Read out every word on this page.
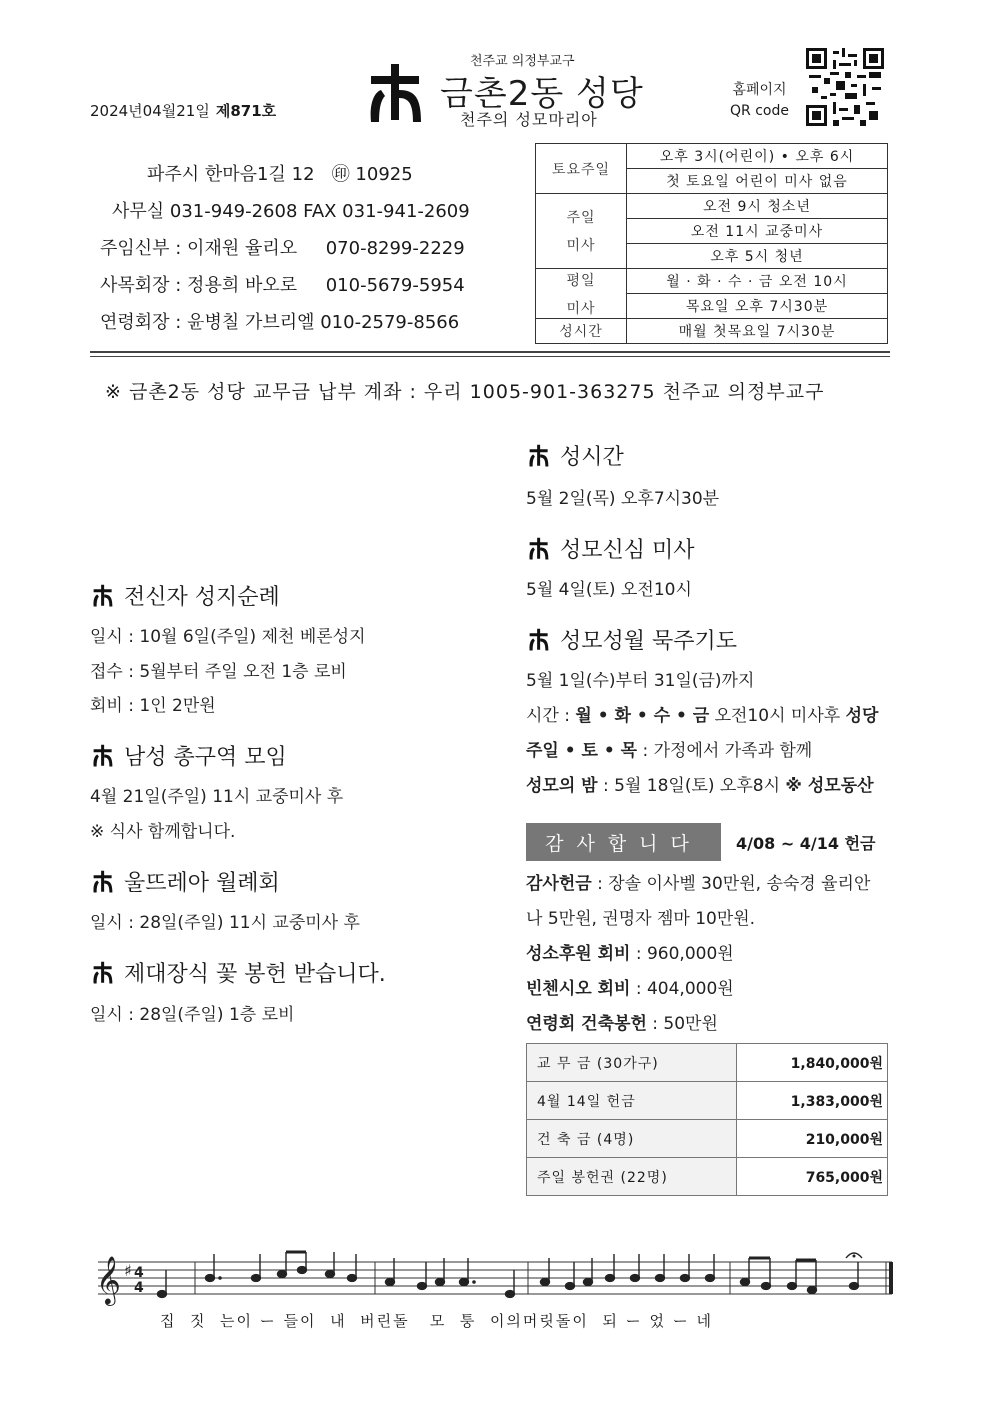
천주교 의정부교구
금촌2동 성당
천주의 성모마리아
2024년04월21일 제871호
홈페이지
QR code
파주시 한마음1길 12 ㊞ 10925
사무실 031-949-2608 FAX 031-941-2609
주임신부 : 이재원 율리오     070-8299-2229
사목회장 : 정용희 바오로     010-5679-5954
연령회장 : 윤병칠 가브리엘 010-2579-8566
토요주일	오후 3시(어린이) • 오후 6시
	첫 토요일 어린이 미사 없음

주일
미사	오전 9시 청소년
	오전 11시 교중미사
	오후 5시 청년

평일
미사	월 · 화 · 수 · 금 오전 10시
	목요일 오후 7시30분
성시간	매월 첫목요일 7시30분
※ 금촌2동 성당 교무금 납부 계좌 : 우리 1005-901-363275 천주교 의정부교구
성시간
5월 2일(목) 오후7시30분
성모신심 미사
5월 4일(토) 오전10시
성모성월 묵주기도
5월 1일(수)부터 31일(금)까지
시간 : 월 • 화 • 수 • 금 오전10시 미사후 성당
주일 • 토 • 목 : 가정에서 가족과 함께
성모의 밤 : 5월 18일(토) 오후8시 ※ 성모동산
감사합니다	4/08 ~ 4/14 헌금
감사헌금 : 장솔 이사벨 30만원, 송숙경 율리안
나 5만원, 권명자 젬마 10만원.
성소후원 회비 : 960,000원
빈첸시오 회비 : 404,000원
연령회 건축봉헌 : 50만원
교 무 금 (30가구)	1,840,000원
4월 14일 헌금	1,383,000원
건 축 금 (4명)	210,000원
주일 봉헌권 (22명)	765,000원
전신자 성지순례
일시 : 10월 6일(주일) 제천 베론성지
접수 : 5월부터 주일 오전 1층 로비
회비 : 1인 2만원
남성 총구역 모임
4월 21일(주일) 11시 교중미사 후
※ 식사 함께합니다.
울뜨레아 월례회
일시 : 28일(주일) 11시 교중미사 후
제대장식 꽃 봉헌 받습니다.
일시 : 28일(주일) 1층 로비
𝄞 ♯ 4
4
집  짓  는이 ー 들이  내  버린돌   모  퉁  이의머릿돌이  되 ー 었 ー 네
